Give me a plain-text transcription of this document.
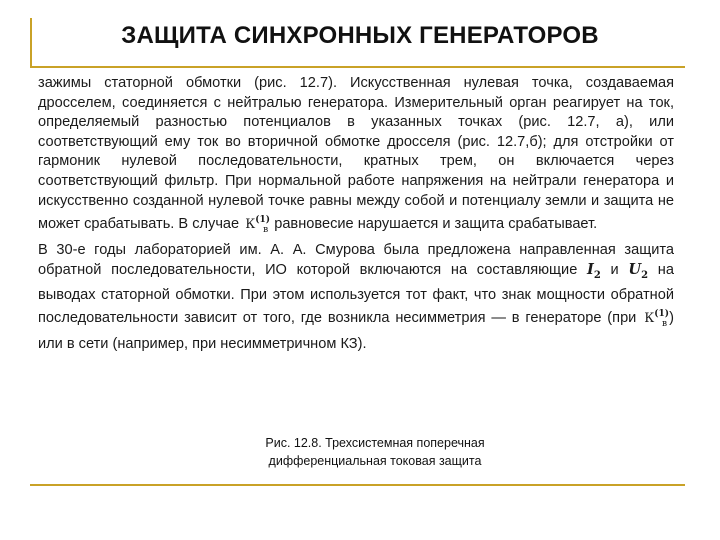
ЗАЩИТА СИНХРОННЫХ ГЕНЕРАТОРОВ

зажимы статорной обмотки (рис. 12.7). Искусственная нулевая точка, создаваемая дросселем, соединяется с нейтралью генератора. Измерительный орган реагирует на ток, определяемый разностью потенциалов в указанных точках (рис. 12.7, а), или соответствующий ему ток во вторичной обмотке дросселя (рис. 12.7,б); для отстройки от гармоник нулевой последовательности, кратных трем, он включается через соответствующий фильтр. При нормальной работе напряжения на нейтрали генератора и искусственно созданной нулевой точке равны между собой и потенциалу земли и защита не может срабатывать. В случае $К^{(1)}_в$ равновесие нарушается и защита срабатывает.

В 30-е годы лабораторией им. А. А. Смурова была предложена направленная защита обратной последовательности, ИО которой включаются на составляющие $I_2$ и $U_2$ на выводах статорной обмотки. При этом используется тот факт, что знак мощности обратной последовательности зависит от того, где возникла несимметрия — в генераторе (при $К^{(1)}_в$ ) или в сети (например, при несимметричном КЗ).

Рис. 12.8. Трехсистемная поперечная
дифференциальная токовая защита
